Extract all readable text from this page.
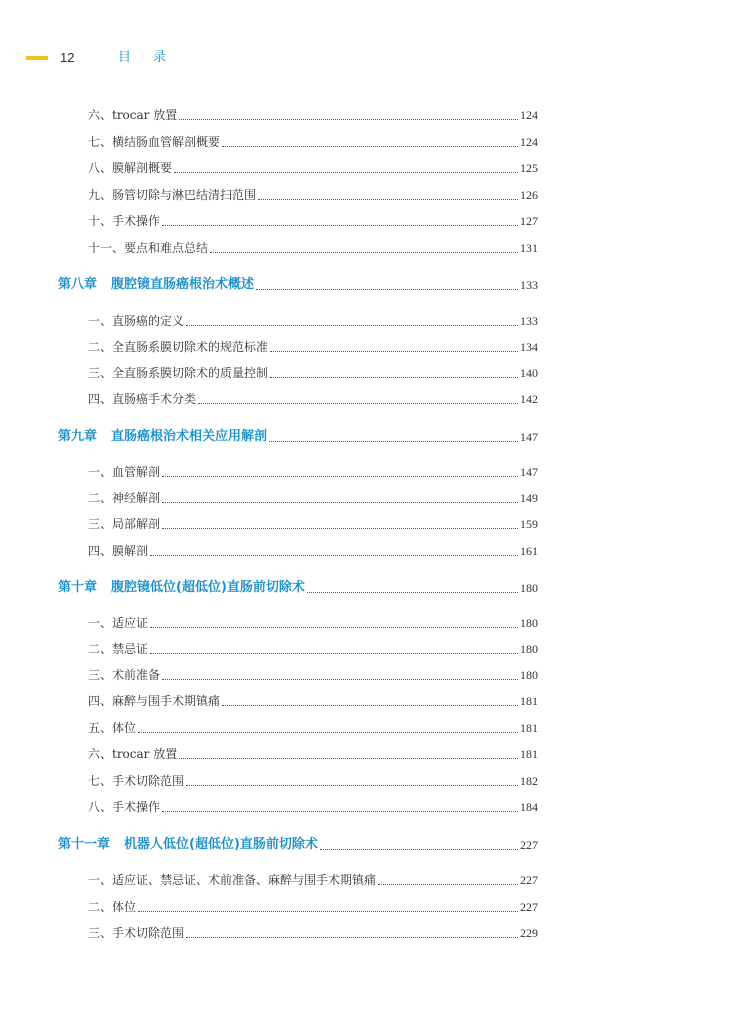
12	目录
六、trocar 放置	124
七、横结肠血管解剖概要	124
八、膜解剖概要	125
九、肠管切除与淋巴结清扫范围	126
十、手术操作	127
十一、要点和难点总结	131
第八章 腹腔镜直肠癌根治术概述	133
一、直肠癌的定义	133
二、全直肠系膜切除术的规范标准	134
三、全直肠系膜切除术的质量控制	140
四、直肠癌手术分类	142
第九章 直肠癌根治术相关应用解剖	147
一、血管解剖	147
二、神经解剖	149
三、局部解剖	159
四、膜解剖	161
第十章 腹腔镜低位(超低位)直肠前切除术	180
一、适应证	180
二、禁忌证	180
三、术前准备	180
四、麻醉与围手术期镇痛	181
五、体位	181
六、trocar 放置	181
七、手术切除范围	182
八、手术操作	184
第十一章 机器人低位(超低位)直肠前切除术	227
一、适应证、禁忌证、术前准备、麻醉与围手术期镇痛	227
二、体位	227
三、手术切除范围	229
